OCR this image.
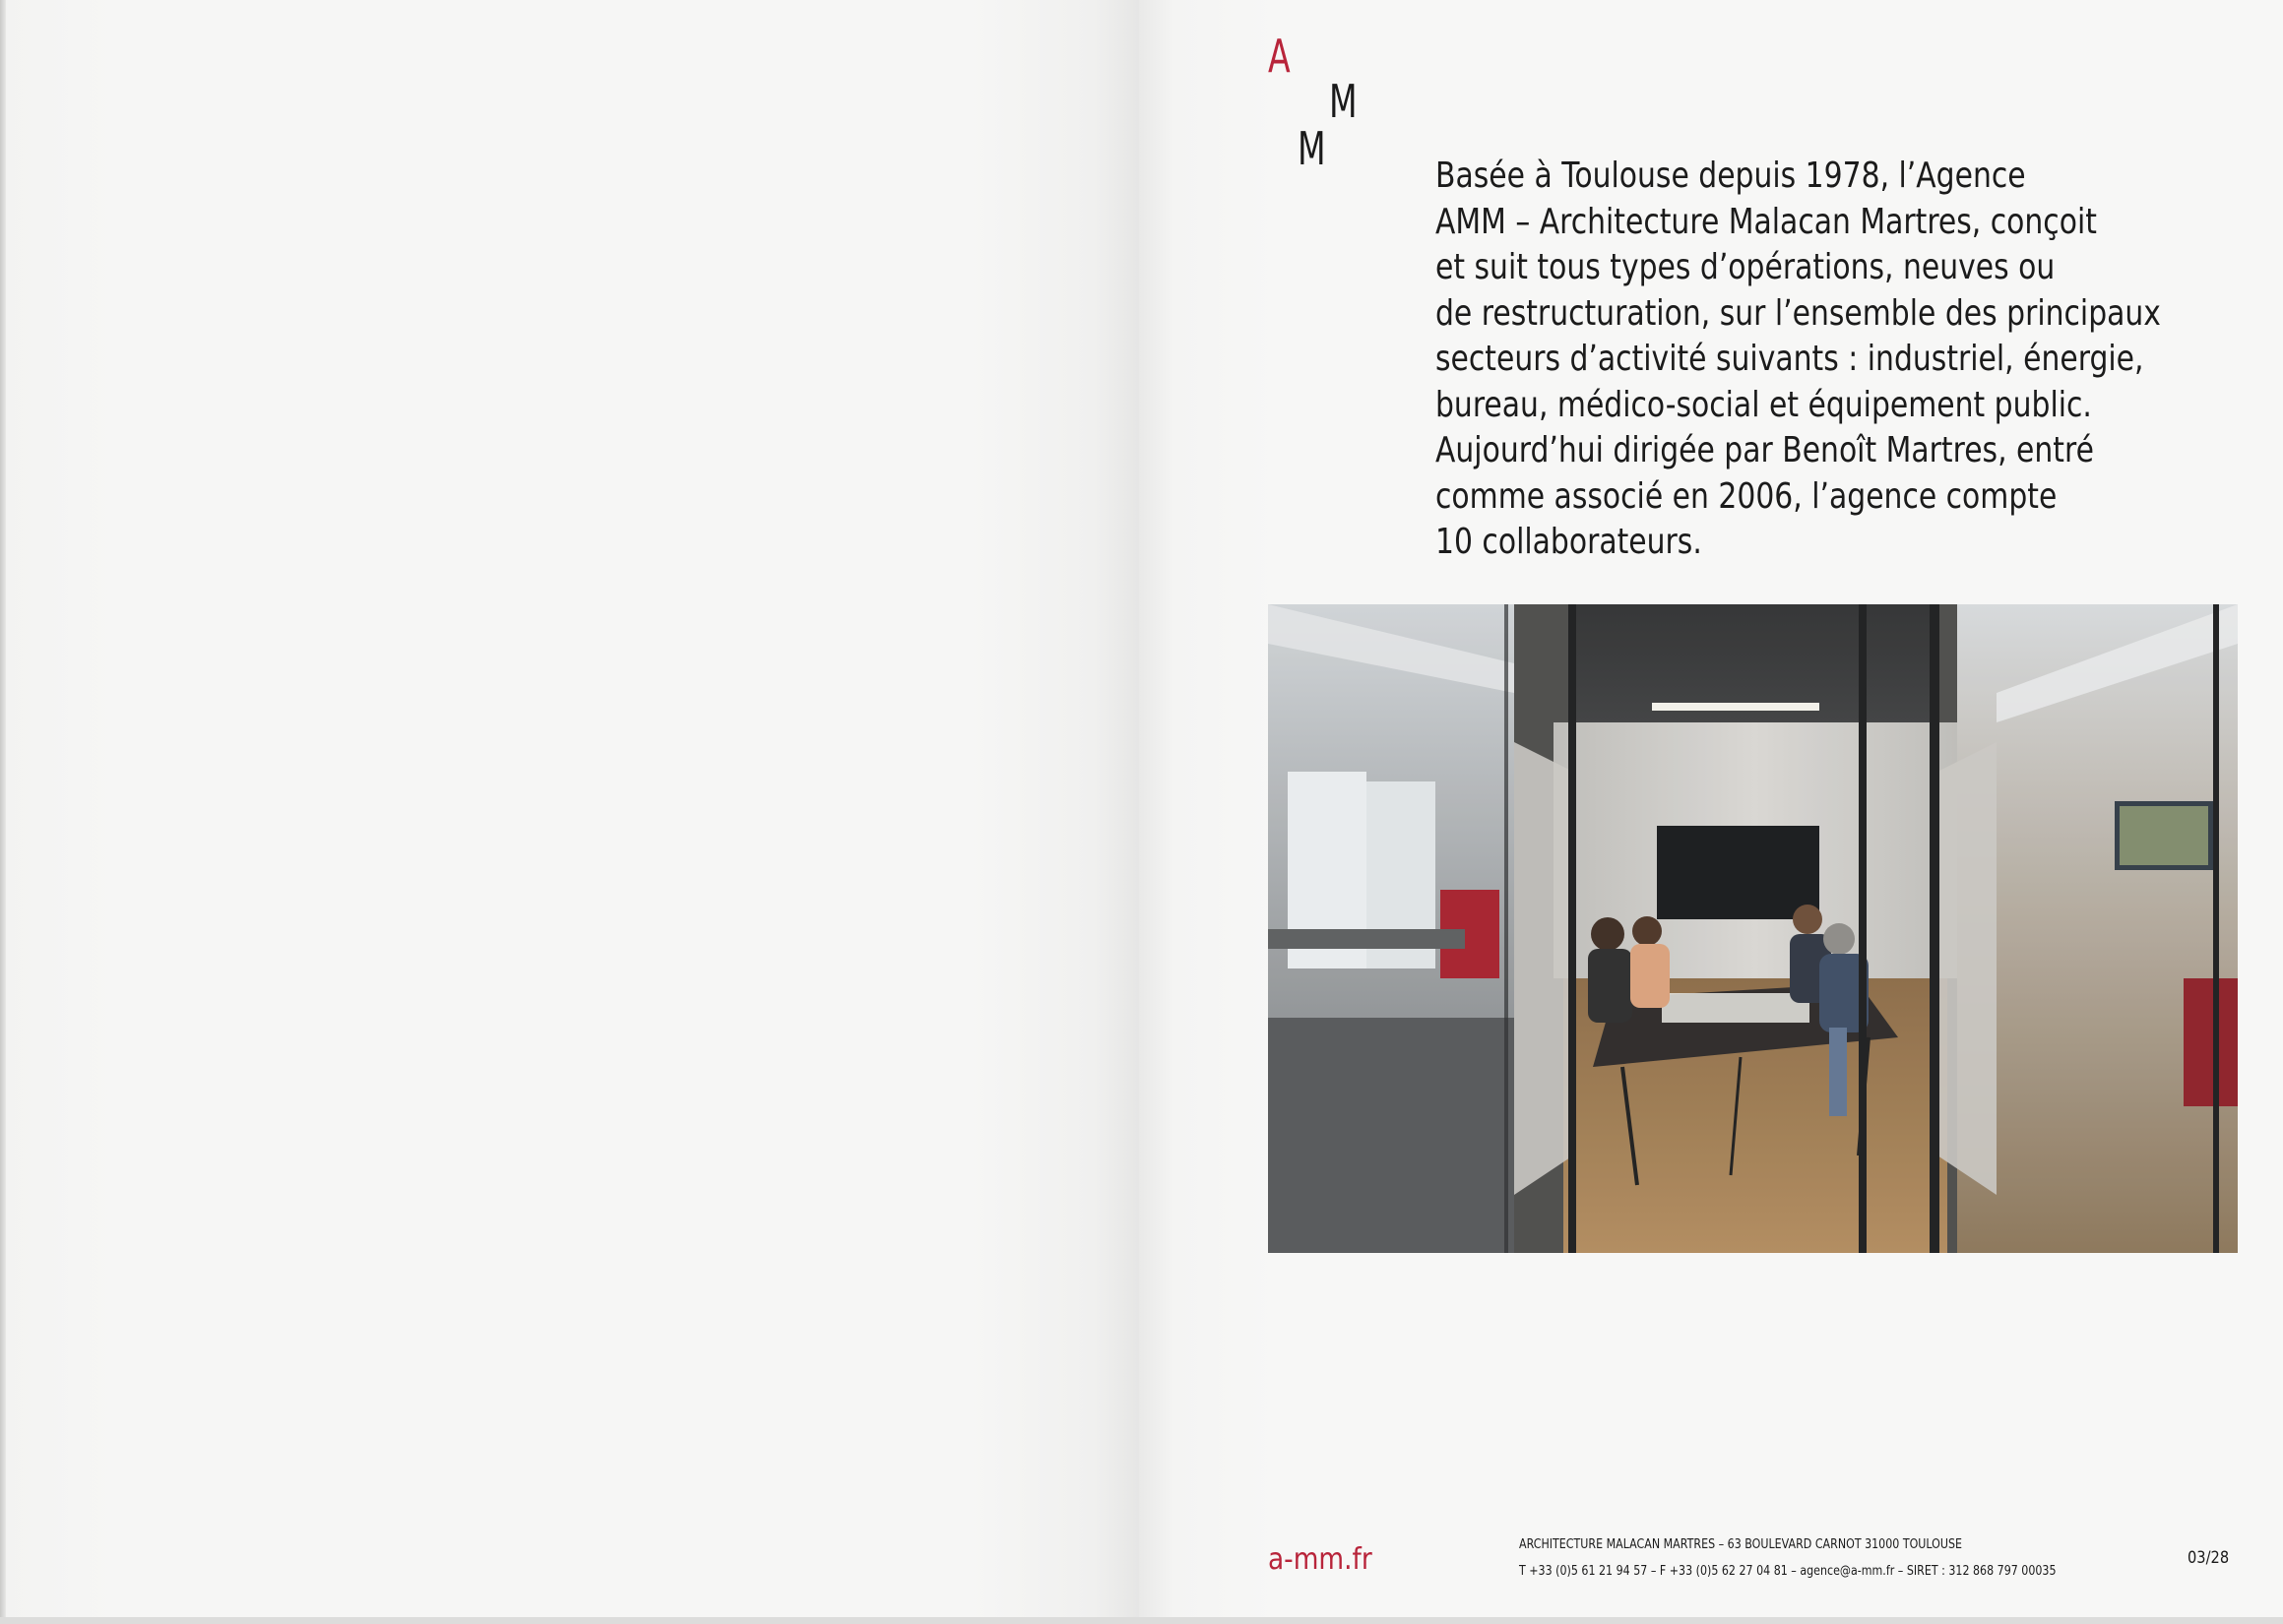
A
M
M

Basée à Toulouse depuis 1978, l’Agence
AMM – Architecture Malacan Martres, conçoit
et suit tous types d’opérations, neuves ou
de restructuration, sur l’ensemble des principaux
secteurs d’activité suivants : industriel, énergie,
bureau, médico-social et équipement public.
Aujourd’hui dirigée par Benoît Martres, entré
comme associé en 2006, l’agence compte
10 collaborateurs.

a-mm.fr	ARCHITECTURE MALACAN MARTRES – 63 BOULEVARD CARNOT 31000 TOULOUSE
T +33 (0)5 61 21 94 57 – F +33 (0)5 62 27 04 81 – agence@a-mm.fr – SIRET : 312 868 797 00035
03/28
